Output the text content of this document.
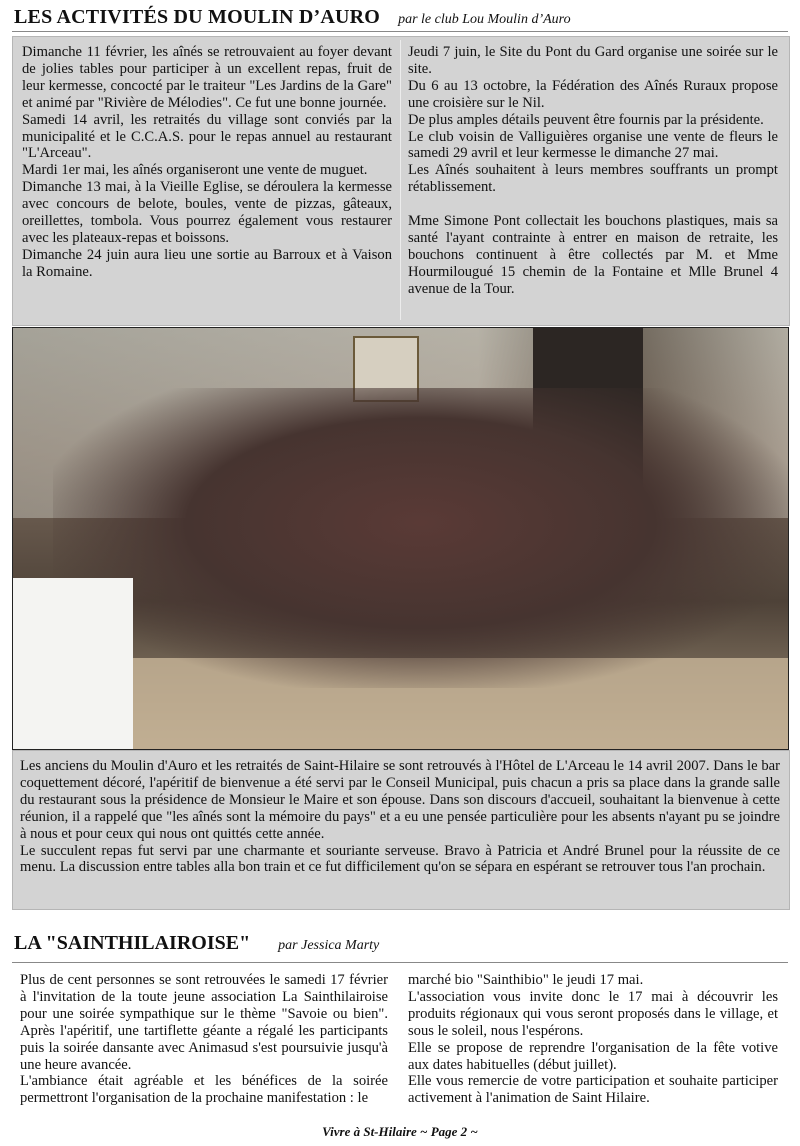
LES ACTIVITÉS DU MOULIN D’AURO par le club Lou Moulin d’Auro

Dimanche 11 février, les aînés se retrouvaient au foyer devant de jolies tables pour participer à un excellent repas, fruit de leur kermesse, concocté par le traiteur "Les Jardins de la Gare" et animé par "Rivière de Mélodies". Ce fut une bonne journée.

Samedi 14 avril, les retraités du village sont conviés par la municipalité et le C.C.A.S. pour le repas annuel au restaurant "L'Arceau".

Mardi 1er mai, les aînés organiseront une vente de muguet.

Dimanche 13 mai, à la Vieille Eglise, se déroulera la kermesse avec concours de belote, boules, vente de pizzas, gâteaux, oreillettes, tombola. Vous pourrez également vous restaurer avec les plateaux-repas et boissons.

Dimanche 24 juin aura lieu une sortie au Barroux et à Vaison la Romaine.

Jeudi 7 juin, le Site du Pont du Gard organise une soirée sur le site.

Du 6 au 13 octobre, la Fédération des Aînés Ruraux propose une croisière sur le Nil.

De plus amples détails peuvent être fournis par la présidente.

Le club voisin de Valliguières organise une vente de fleurs le samedi 29 avril et leur kermesse le dimanche 27 mai.

Les Aînés souhaitent à leurs membres souffrants un prompt rétablissement.

Mme Simone Pont collectait les bouchons plastiques, mais sa santé l'ayant contrainte à entrer en maison de retraite, les bouchons continuent à être collectés par M. et Mme Hourmilougué 15 chemin de la Fontaine et Mlle Brunel 4 avenue de la Tour.

Les anciens du Moulin d'Auro et les retraités de Saint-Hilaire se sont retrouvés à l'Hôtel de L'Arceau le 14 avril 2007. Dans le bar coquettement décoré, l'apéritif de bienvenue a été servi par le Conseil Municipal, puis chacun a pris sa place dans la grande salle du restaurant sous la présidence de Monsieur le Maire et son épouse. Dans son discours d'accueil, souhaitant la bienvenue à cette réunion, il a rappelé que "les aînés sont la mémoire du pays" et a eu une pensée particulière pour les absents n'ayant pu se joindre à nous et pour ceux qui nous ont quittés cette année.

Le succulent repas fut servi par une charmante et souriante serveuse. Bravo à Patricia et André Brunel pour la réussite de ce menu. La discussion entre tables alla bon train et ce fut difficilement qu'on se sépara en espérant se retrouver tous l'an prochain.

LA "SAINTHILAIROISE" par Jessica Marty

Plus de cent personnes se sont retrouvées le samedi 17 février à l'invitation de la toute jeune association La Sainthilairoise pour une soirée sympathique sur le thème "Savoie ou bien". Après l'apéritif, une tartiflette géante a régalé les participants puis la soirée dansante avec Animasud s'est poursuivie jusqu'à une heure avancée.

L'ambiance était agréable et les bénéfices de la soirée permettront l'organisation de la prochaine manifestation : le

marché bio "Sainthibio" le jeudi 17 mai.

L'association vous invite donc le 17 mai à découvrir les produits régionaux qui vous seront proposés dans le village, et sous le soleil, nous l'espérons.

Elle se propose de reprendre l'organisation de la fête votive aux dates habituelles (début juillet).

Elle vous remercie de votre participation et souhaite participer activement à l'animation de Saint Hilaire.

Vivre à St-Hilaire ~ Page 2 ~
